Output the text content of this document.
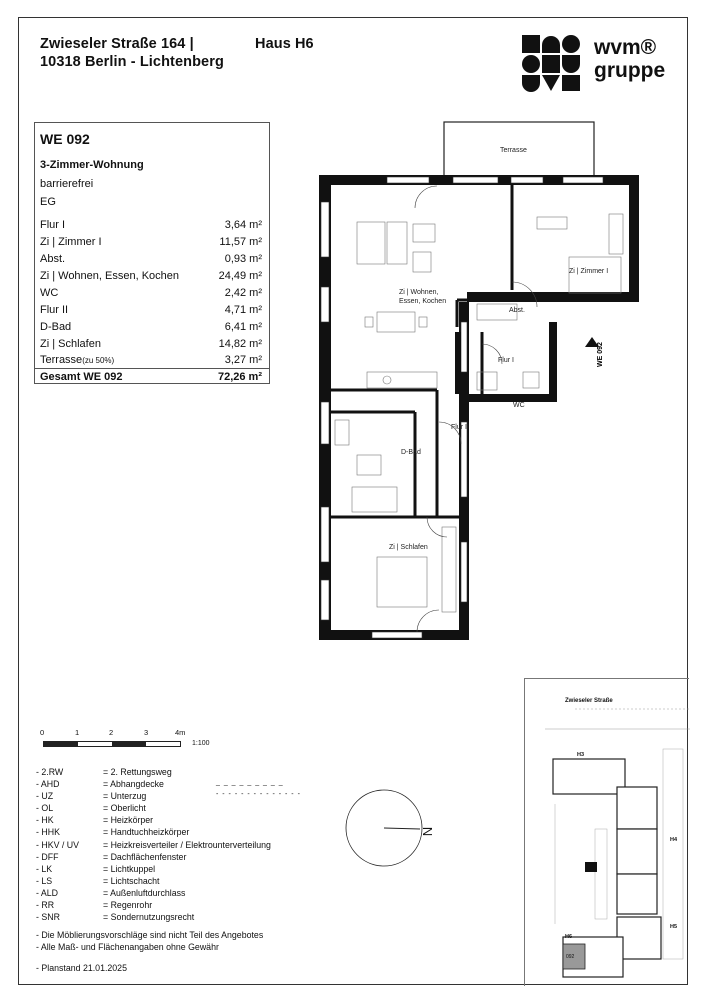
Zwieseler Straße 164 |
10318 Berlin - Lichtenberg
Haus H6	wvm®
gruppe
WE 092
3-Zimmer-Wohnung
barrierefrei
EG
Flur I	3,64 m²
Zi | Zimmer I	11,57 m²
Abst.	0,93 m²
Zi | Wohnen, Essen, Kochen	24,49 m²
WC	2,42 m²
Flur II	4,71 m²
D-Bad	6,41 m²
Zi | Schlafen	14,82 m²
Terrasse(zu 50%)	3,27 m²
Gesamt WE 092	72,26 m²
Terrasse
Zi | Zimmer I
Zi | Wohnen,
Essen, Kochen
Abst.
Flur I
WC
Flur II
D-Bad
Zi | Schlafen
WE 092
0	1	2	3	4m
1:100
- 2.RW	= 2. Rettungsweg
- AHD	= Abhangdecke	_ _ _ _ _ _ _ _ _
- UZ	= Unterzug	- - - - - - - - - - - - - -
- OL	= Oberlicht
- HK	= Heizkörper
- HHK	= Handtuchheizkörper
- HKV / UV	= Heizkreisverteiler / Elektrounterverteilung
- DFF	= Dachflächenfenster
- LK	= Lichtkuppel
- LS	= Lichtschacht
- ALD	= Außenluftdurchlass
- RR	= Regenrohr
- SNR	= Sondernutzungsrecht
- Die Möblierungsvorschläge sind nicht Teil des Angebotes
- Alle Maß- und Flächenangaben ohne Gewähr
- Planstand 21.01.2025
N
Zwieseler Straße
H3
H4
H5
H6
092
